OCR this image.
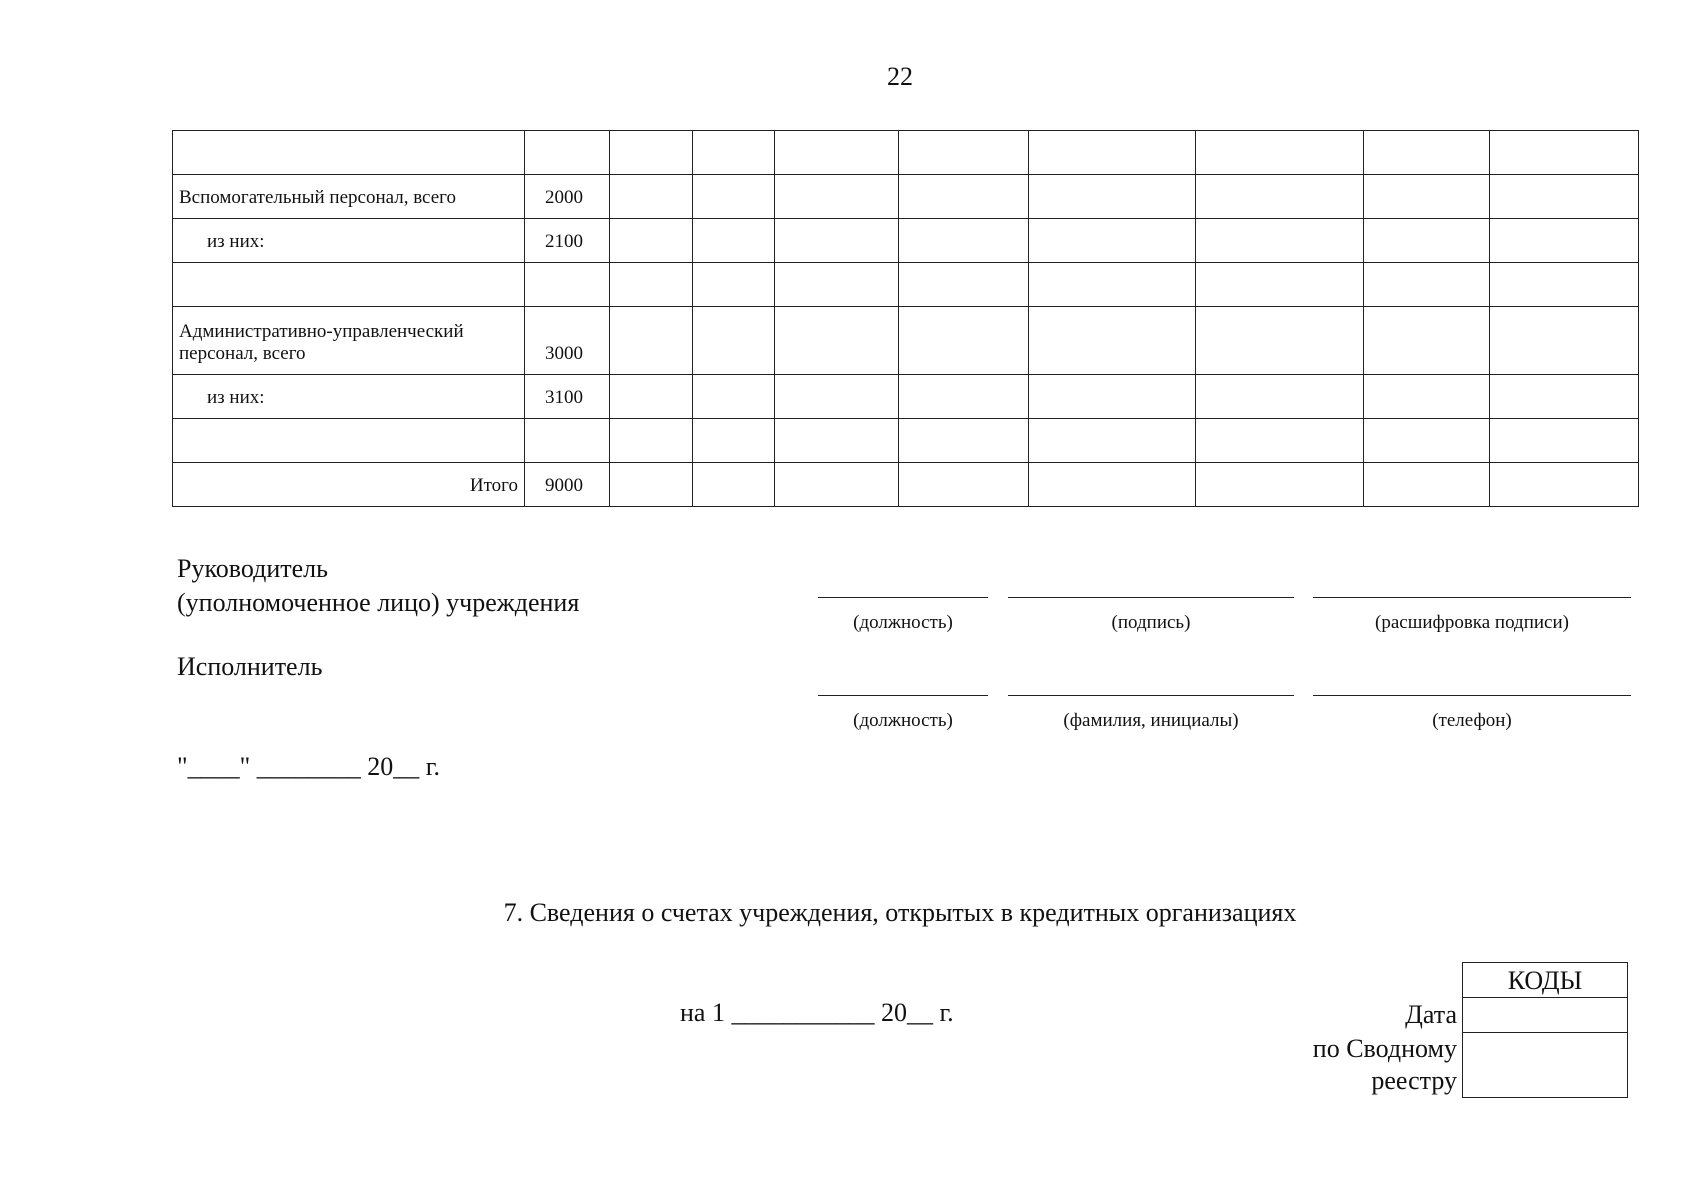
22

Вспомогательный персонал, всего	2000								
из них:	2100								

Административно-управленческий персонал, всего	3000								
из них:	3100								

Итого	9000								
Руководитель
(уполномоченное лицо) учреждения
(должность)	(подпись)	(расшифровка подписи)
Исполнитель
(должность)	(фамилия, инициалы)	(телефон)
"____" ________ 20__ г.
7. Сведения о счетах учреждения, открытых в кредитных организациях
на 1 ___________ 20__ г.
КОДЫ
Дата
по Сводному
реестру
